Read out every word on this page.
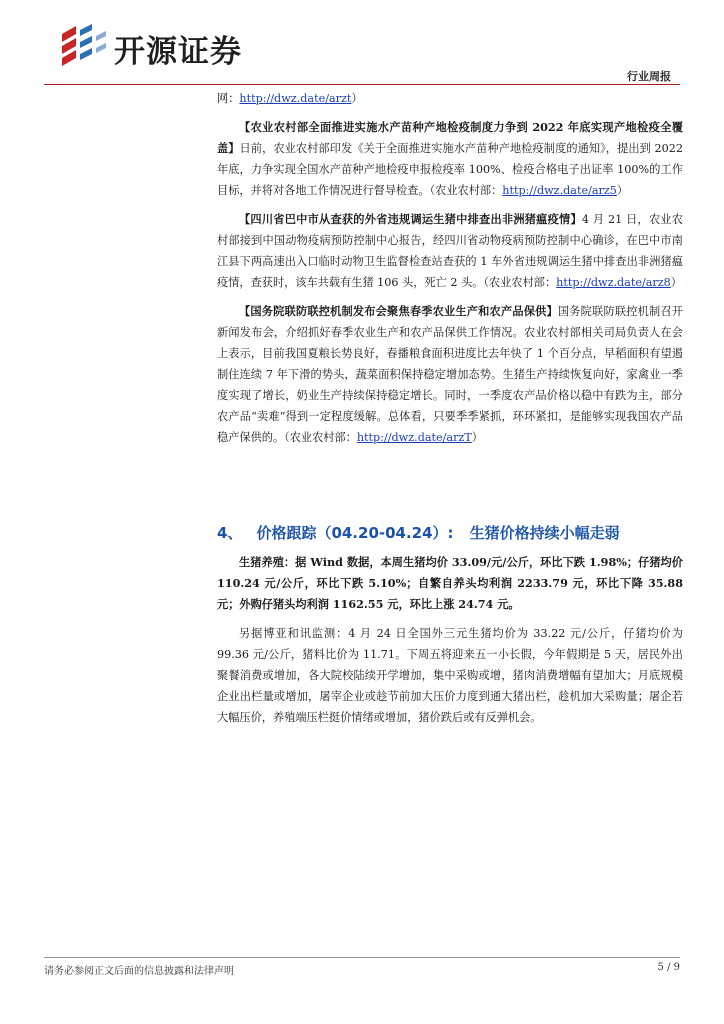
开源证券
行业周报

网：http://dwz.date/arzt）

【农业农村部全面推进实施水产苗种产地检疫制度力争到 2022 年底实现产地检疫全覆盖】日前，农业农村部印发《关于全面推进实施水产苗种产地检疫制度的通知》，提出到 2022 年底，力争实现全国水产苗种产地检疫申报检疫率 100%、检疫合格电子出证率 100%的工作目标，并将对各地工作情况进行督导检查。（农业农村部：http://dwz.date/arz5）

【四川省巴中市从查获的外省违规调运生猪中排查出非洲猪瘟疫情】4 月 21 日，农业农村部接到中国动物疫病预防控制中心报告，经四川省动物疫病预防控制中心确诊，在巴中市南江县下两高速出入口临时动物卫生监督检查站查获的 1 车外省违规调运生猪中排查出非洲猪瘟疫情，查获时，该车共载有生猪 106 头，死亡 2 头。（农业农村部：http://dwz.date/arz8）

【国务院联防联控机制发布会聚焦春季农业生产和农产品保供】国务院联防联控机制召开新闻发布会，介绍抓好春季农业生产和农产品保供工作情况。农业农村部相关司局负责人在会上表示，目前我国夏粮长势良好，春播粮食面积进度比去年快了 1 个百分点，早稻面积有望遏制住连续 7 年下滑的势头，蔬菜面积保持稳定增加态势。生猪生产持续恢复向好，家禽业一季度实现了增长，奶业生产持续保持稳定增长。同时，一季度农产品价格以稳中有跌为主，部分农产品“卖难”得到一定程度缓解。总体看，只要季季紧抓，环环紧扣，是能够实现我国农产品稳产保供的。（农业农村部：http://dwz.date/arzT）

4、 价格跟踪（04.20-04.24）: 生猪价格持续小幅走弱

生猪养殖：据 Wind 数据，本周生猪均价 33.09/元/公斤，环比下跌 1.98%；仔猪均价 110.24 元/公斤，环比下跌 5.10%；自繁自养头均利润 2233.79 元，环比下降 35.88 元；外购仔猪头均利润 1162.55 元，环比上涨 24.74 元。

另据博亚和讯监测：4 月 24 日全国外三元生猪均价为 33.22 元/公斤，仔猪均价为 99.36 元/公斤，猪料比价为 11.71。下周五将迎来五一小长假，今年假期是 5 天，居民外出聚餐消费或增加，各大院校陆续开学增加，集中采购或增，猪肉消费增幅有望加大；月底规模企业出栏量或增加，屠宰企业或趁节前加大压价力度到通大猪出栏，趁机加大采购量；屠企若大幅压价，养殖端压栏挺价情绪或增加，猪价跌后或有反弹机会。

请务必参阅正文后面的信息披露和法律声明	5 / 9
